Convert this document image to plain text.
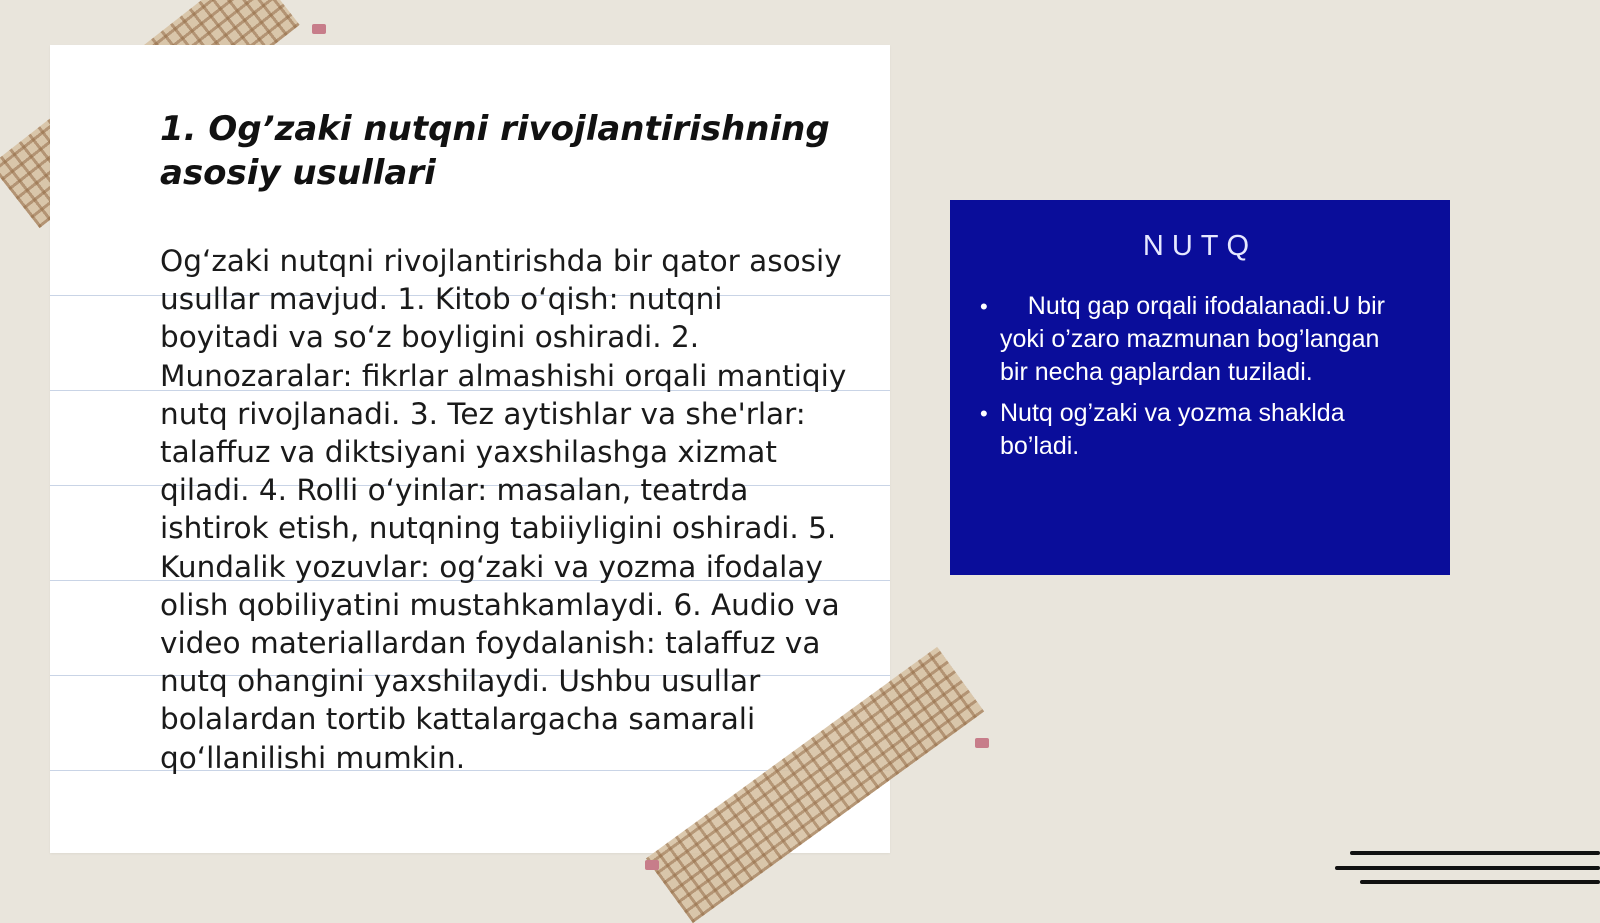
1. Og’zaki nutqni rivojlantirishning asosiy usullari

Og‘zaki nutqni rivojlantirishda bir qator asosiy usullar mavjud. 1. Kitob o‘qish: nutqni boyitadi va so‘z boyligini oshiradi. 2. Munozaralar: fikrlar almashishi orqali mantiqiy nutq rivojlanadi. 3. Tez aytishlar va she'rlar: talaffuz va diktsiyani yaxshilashga xizmat qiladi. 4. Rolli o‘yinlar: masalan, teatrda ishtirok etish, nutqning tabiiyligini oshiradi. 5. Kundalik yozuvlar: og‘zaki va yozma ifodalay olish qobiliyatini mustahkamlaydi. 6. Audio va video materiallardan foydalanish: talaffuz va nutq ohangini yaxshilaydi. Ushbu usullar bolalardan tortib kattalargacha samarali qo‘llanilishi mumkin.

NUTQ
• Nutq gap orqali ifodalanadi.U bir yoki o’zaro mazmunan bog’langan bir necha gaplardan tuziladi.
• Nutq og’zaki va yozma shaklda bo’ladi.
